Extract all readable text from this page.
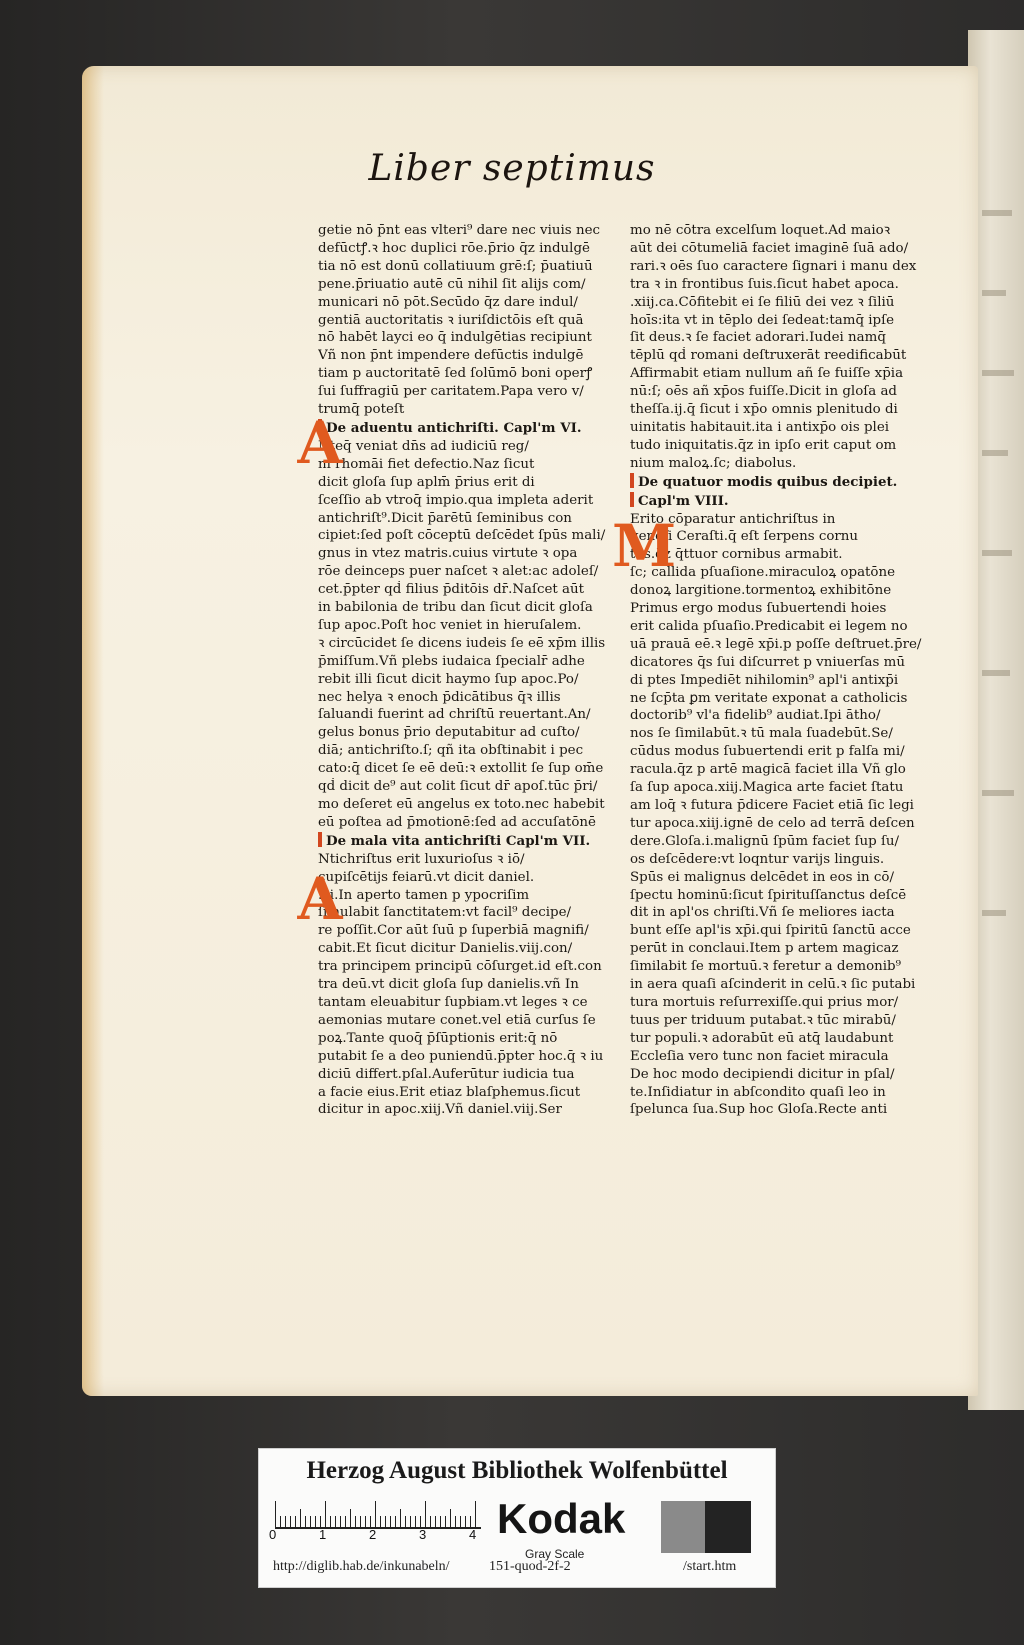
Liber septimus
getie nō p̄nt eas vlteri⁹ dare nec viuis nec
defūctꝭ.ꝛ hoc duplici rōe.p̄rio q̄z indulgē
tia nō est donū collatiuum grē:ſ; p̄uatiuū
pene.p̄riuatio autē cū nihil ſit alijs com/
municari nō pōt.Secūdo q̄z dare indul/
gentiā auctoritatis ꝛ iuriſdictōis eſt quā
nō habēt layci eo q̄ indulgētias recipiunt
Vñ non p̄nt impendere defūctis indulgē
tiam p auctoritatē ſed ſolūmō boni operꝭ
ſui ſuffragiū per caritatem.Papa vero v/
trumq̄ poteſt
De aduentu antichriſti. Capl'm VI.
Nteq̄ veniat dn̄s ad iudiciū reg/
ni rhomāi fiet defectio.Naz ſicut
dicit gloſa ſup aplm̄ p̄rius erit di
ſceſſio ab vtroq̄ impio.qua impleta aderit
antichriſt⁹.Dicit p̄arētū ſeminibus con
cipiet:ſed poſt cōceptū deſcēdet ſpūs mali/
gnus in vtez matris.cuius virtute ꝛ opa
rōe deinceps puer naſcet̄ ꝛ alet̄:ac adoleſ/
cet.p̄pter qḋ filius p̄ditōis dr̄.Naſcet̄ aūt
in babilonia de tribu dan ſicut dicit gloſa
ſup apoc.Poſt hoc veniet in hieruſalem.
ꝛ circūcidet ſe dicens iudeis ſe eē xp̄m illis
p̄miſſum.Vñ plebs iudaica ſpecialr̄ adhe
rebit illi ſicut dicit haymo ſup apoc.Po/
nec helya ꝛ enoch p̄dicātibus q̄ꝛ illis
ſaluandi fuerint ad chriſtū reuertant̄.An/
gelus bonus p̄rio deputabitur ad cuſto/
diā; antichriſto.ſ; qñ ita obſtinabit̄ i pec
cato:q̄ dicet ſe eē deū:ꝛ extollit ſe ſup om̄e
qḋ dicit̄ de⁹ aut colit̄ ſicut dr̄ apoſ.tūc p̄ri/
mo deſeret eū angelus ex toto.nec habebit
eū poſtea ad p̄motionē:ſed ad accuſatōnē
De mala vita antichriſti Capl'm VII.
Ntichriſtus erit luxurioſus ꝛ iō/
cupiſcētijs feiarū.vt dicit daniel.
.xi.In aperto tamen p ypocriſim
ſimulabit ſanctitatem:vt facil⁹ decipe/
re poſſit.Cor aūt ſuū p ſuperbiā magnifi/
cabit.Et ſicut dicitur Danielis.viij.con/
tra principem principū cōſurget.id eſt.con
tra deū.vt dicit gloſa ſup danielis.vñ In
tantam eleuabitur ſupbiam.vt leges ꝛ ce
aemonias mutare conet̄.vel etiā curſus ſe
poꝝ.Tante quoq̄ p̄ſūptionis erit:q̄ nō
putabit ſe a deo puniendū.p̄pter hoc.q̄ ꝛ iu
diciū differt̄.pſal.Auferūtur iudicia tua
a facie eius.Erit etiaz blaſphemus.ſicut
dicitur in apoc.xiij.Vñ daniel.viij.Ser
mo nē cōtra excelſum loquet̄.Ad maioꝛ
aūt dei cōtumeliā faciet imaginē ſuā ado/
rari.ꝛ oēs ſuo caractere ſignari i manu dex
tra ꝛ in frontibus ſuis.ſicut habet̄ apoca.
.xiij.ca.Cōfitebit̄ ei ſe filiū dei vez ꝛ ſiliū
hoīs:ita vt in tēplo dei ſedeat:tamq̄ ipſe
ſit deus.ꝛ ſe faciet adorari.Iudei namq̄
tēplū qḋ romani deſtruxerāt reedificabūt
Affirmabit etiam nullum añ ſe fuiſſe xp̄ia
nū:ſ; oēs añ xp̄os fuiſſe.Dicit in gloſa ad
theſſa.ij.q̄ ſicut i xp̄o omnis plenitudo di
uinitatis habitauit.ita i antixp̄o ois plei
tudo iniquitatis.q̄z in ipſo erit caput om
nium maloꝝ.ſc; diabolus.
De quatuor modis quibus decipiet.
Capl'm VIII.
Erito cōparatur antichriſtus in
geneſi Ceraſti.q̄ eſt ſerpens cornu
tus.q̄z q̄ttuor cornibus armabit̄.
ſc; callida pſuaſione.miraculoꝝ opatōne
donoꝝ largitione.tormentoꝝ exhibitōne
Primus ergo modus ſubuertendi hoies
erit calida pſuaſio.Predicabit ei legem no
uā prauā eē.ꝛ legē xp̄i.p poſſe deſtruet.p̄re/
dicatores q̄s ſui diſcurret p vniuerſas mū
di ptes Impediēt nihilomin⁹ apl'i antixp̄i
ne ſcp̄ta ꝑm veritate exponat̄ a catholicis
doctorib⁹ vl'a fidelib⁹ audiat̄.Ipi ātho/
nos ſe ſimilabūt.ꝛ tū mala ſuadebūt.Se/
cūdus modus ſubuertendi erit p falſa mi/
racula.q̄z p artē magicā faciet illa Vñ glo
ſa ſup apoca.xiij.Magica arte faciet ſtatu
am loq̄ ꝛ futura p̄dicere Faciet etiā ſic legi
tur apoca.xiij.ignē de celo ad terrā deſcen
dere.Gloſa.i.malignū ſpūm faciet ſup ſu/
os deſcēdere:vt loqntur varijs linguis.
Spūs ei malignus delcēdet in eos in cō/
ſpectu hominū:ſicut ſpirituſſanctus deſcē
dit in apl'os chriſti.Vñ ſe meliores iacta
bunt eſſe apl'is xp̄i.qui ſpiritū ſanctū acce
perūt in conclaui.Item p artem magicaz
ſimilabit ſe mortuū.ꝛ feretur a demonib⁹
in aera quaſi aſcinderit in celū.ꝛ ſic putabi
tura mortuis reſurrexiſſe.qui prius mor/
tuus per triduum putabat̄.ꝛ tūc mirabū/
tur populi.ꝛ adorabūt eū atq̄ laudabunt
Eccleſia vero tunc non faciet miracula
De hoc modo decipiendi dicitur in pſal/
te.Inſidiatur in abſcondito quaſi leo in
ſpelunca ſua.Sup hoc Gloſa.Recte anti
A
A
M
Herzog August Bibliothek Wolfenbüttel
0	1	2	3	4 Kodak
Gray Scale
http://diglib.hab.de/inkunabeln/	151-quod-2f-2	/start.htm
